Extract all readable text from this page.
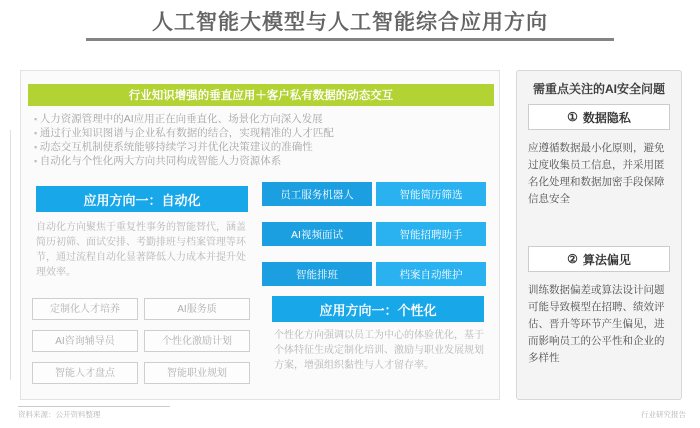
人工智能大模型与人工智能综合应用方向
行业知识增强的垂直应用＋客户私有数据的动态交互
▪ 人力资源管理中的AI应用正在向垂直化、场景化方向深入发展
▪ 通过行业知识图谱与企业私有数据的结合，实现精准的人才匹配
▪ 动态交互机制使系统能够持续学习并优化决策建议的准确性
▪ 自动化与个性化两大方向共同构成智能人力资源体系
应用方向一：自动化
自动化方向聚焦于重复性事务的智能替代，涵盖简历初筛、面试安排、考勤排班与档案管理等环节，通过流程自动化显著降低人力成本并提升处理效率。
员工服务机器人	智能简历筛选
AI视频面试	智能招聘助手
智能排班	档案自动维护
应用方向一：个性化
个性化方向强调以员工为中心的体验优化，基于个体特征生成定制化培训、激励与职业发展规划方案，增强组织黏性与人才留存率。
定制化人才培养	AI服务质
AI咨询辅导员	个性化激励计划
智能人才盘点	智能职业规划
需重点关注的AI安全问题
① 数据隐私
应遵循数据最小化原则，避免过度收集员工信息，并采用匿名化处理和数据加密手段保障信息安全
② 算法偏见
训练数据偏差或算法设计问题可能导致模型在招聘、绩效评估、晋升等环节产生偏见，进而影响员工的公平性和企业的多样性
资料来源：公开资料整理	行业研究报告
